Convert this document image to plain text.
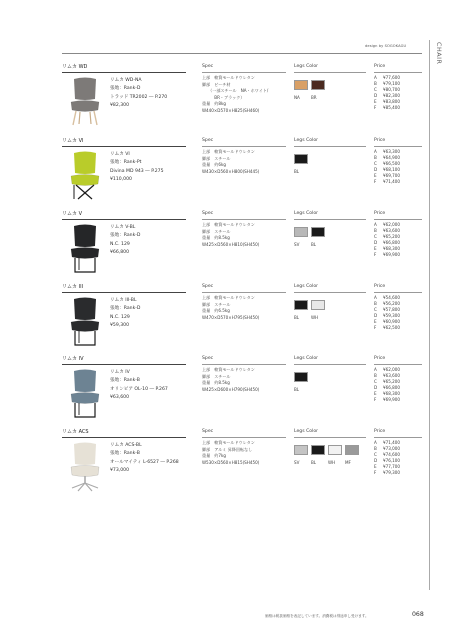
design by SOGOKAGU	CHAIR
リムカ WD
リムカ WD-NA
張地：Rank-D
トラッド TR2002 ― P.270
¥82,300
Spec	Legs Color	Price
上部　軟質モールドウレタン
脚部　ビーチ材
　　（一部スチール　NA・ホワイト/
　　　BR・ブラック）
重量　約8kg
W440×D570×H825(SH460)
NA	BR
A ¥77,600
B ¥79,100
C ¥80,700
D ¥82,300
E ¥83,800
F ¥85,400
リムカ VI
リムカ VI
張地：Rank-Pt
Divina MD 943 ― P.275
¥110,000
Spec	Legs Color	Price
上部　軟質モールドウレタン
脚部　スチール
重量　約6kg
W430×D560×H800(SH445)	BL
A ¥63,300
B ¥64,900
C ¥66,500
D ¥68,100
E ¥69,700
F ¥71,400
リムカ V
リムカ V-BL
張地：Rank-D
N.C. 129
¥66,800
Spec	Legs Color	Price
上部　軟質モールドウレタン
脚部　スチール
重量　約8.5kg
W425×D560×H810(SH450)	SV	BL
A ¥62,000
B ¥63,600
C ¥65,200
D ¥66,800
E ¥68,300
F ¥69,900
リムカ III
リムカ III-BL
張地：Rank-D
N.C. 129
¥59,300
Spec	Legs Color	Price
上部　軟質モールドウレタン
脚部　スチール
重量　約6.5kg
W470×D570×H795(SH450)	BL	WH
A ¥54,600
B ¥56,200
C ¥57,800
D ¥59,300
E ¥60,900
F ¥62,500
リムカ IV
リムカ IV
張地：Rank-B
オリンピア OL-10 ― P.267
¥63,600
Spec	Legs Color	Price
上部　軟質モールドウレタン
脚部　スチール
重量　約8.5kg
W425×D600×H790(SH450)	BL
A ¥62,000
B ¥63,600
C ¥65,200
D ¥66,800
E ¥68,300
F ¥69,900
リムカ ACS
リムカ ACS-BL
張地：Rank-B
オールマイティ L-6527 ― P.268
¥73,000
Spec	Legs Color	Price
上部　軟質モールドウレタン
脚部　アルミ 昇降回転なし
重量　約7kg
W530×D560×H815(SH450)	SV	BL	WH MF
A ¥71,400
B ¥73,000
C ¥74,600
D ¥76,100
E ¥77,700
F ¥79,300
価格は税抜価格を表記しています。消費税は別途申し受けます。	068
